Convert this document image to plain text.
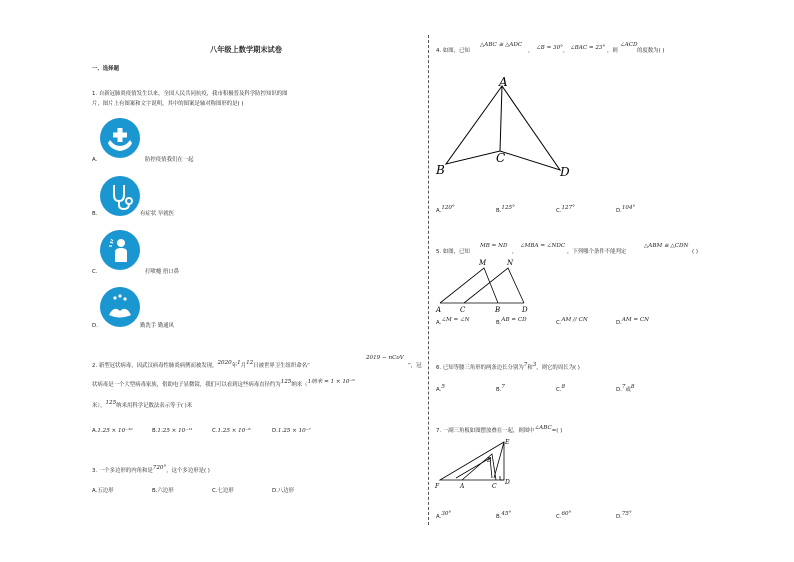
八年级上数学期末试卷
一、选择题
1. 自新冠肺炎疫情发生以来，全国人民共同抗疫，我市积极普及科学防控知识的图
片，图片上有图案和文字说明，其中的图案是轴对称图形的是( )
A.	防控疫情我们在一起
B.	有症状 早就医
C.	打喷嚏 捂口鼻
D.	勤洗手 勤通风
2. 新型冠状病毒，因武汉病毒性肺炎病例而被发现，2020年1月12日被世界卫生组织命名“
2019 − nCoV
”，冠
状病毒是一个大型病毒家族，借助电子显微镜，我们可以看到这些病毒直径约为125纳米（1纳米 = 1 × 10⁻⁹
米），125纳米用科学记数法表示等于( )米
A.1.25 × 10⁻¹⁰	B.1.25 × 10⁻¹¹	C.1.25 × 10⁻⁸	D.1.25 × 10⁻⁷
3. 一个多边形的内角和是720°，这个多边形是( )
A.五边形	B.六边形	C.七边形	D.八边形
4. 如图，已知
△ABC ≅ △ADC
， ∠B = 30° ， ∠BAC = 23° ，则
∠ACD
的度数为( )
A
B
C
D
A.120°	B.125°	C.127°	D.104°
5. 如图，已知
MB = ND
，
∠MBA = ∠NDC
，下列哪个条件不能判定
△ABM ≅ △CDN
( )
M	N
A	C	B	D
A.∠M = ∠N	B.AB = CD	C.AM // CN	D.AM = CN
6. 已知等腰三角形的两条边长分别为7和3，则它的周长为( )
A.5	B.7	C.8	D.7或8
7. 一副三角板如图摆放叠在一起，则图中∠ABC=( )
E
B
F	A	C
D
A.30°	B.45°	C.60°	D.75°
